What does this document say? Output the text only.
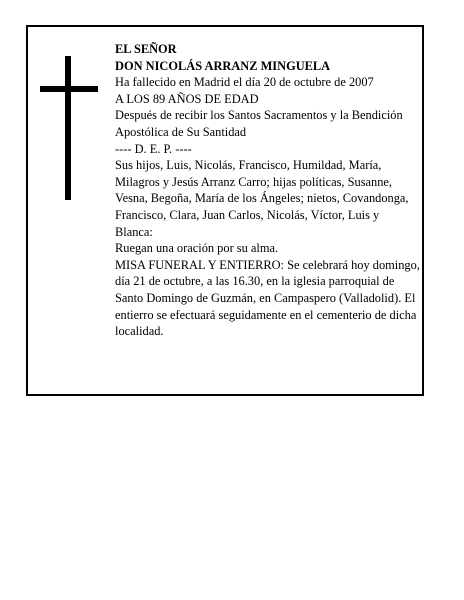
EL SEÑOR

DON NICOLÁS ARRANZ MINGUELA

Ha fallecido en Madrid el día 20 de octubre de 2007

A LOS 89 AÑOS DE EDAD

Después de recibir los Santos Sacramentos y la Bendición Apostólica de Su Santidad

---- D. E. P. ----

Sus hijos, Luis, Nicolás, Francisco, Humildad, María, Milagros y Jesús Arranz Carro; hijas políticas, Susanne, Vesna, Begoña, María de los Ángeles; nietos, Covandonga, Francisco, Clara, Juan Carlos, Nicolás, Víctor, Luis y Blanca:

Ruegan una oración por su alma.

MISA FUNERAL Y ENTIERRO: Se celebrará hoy domingo, día 21 de octubre, a las 16.30, en la iglesia parroquial de Santo Domingo de Guzmán, en Campaspero (Valladolid). El entierro se efectuará seguidamente en el cementerio de dicha localidad.
